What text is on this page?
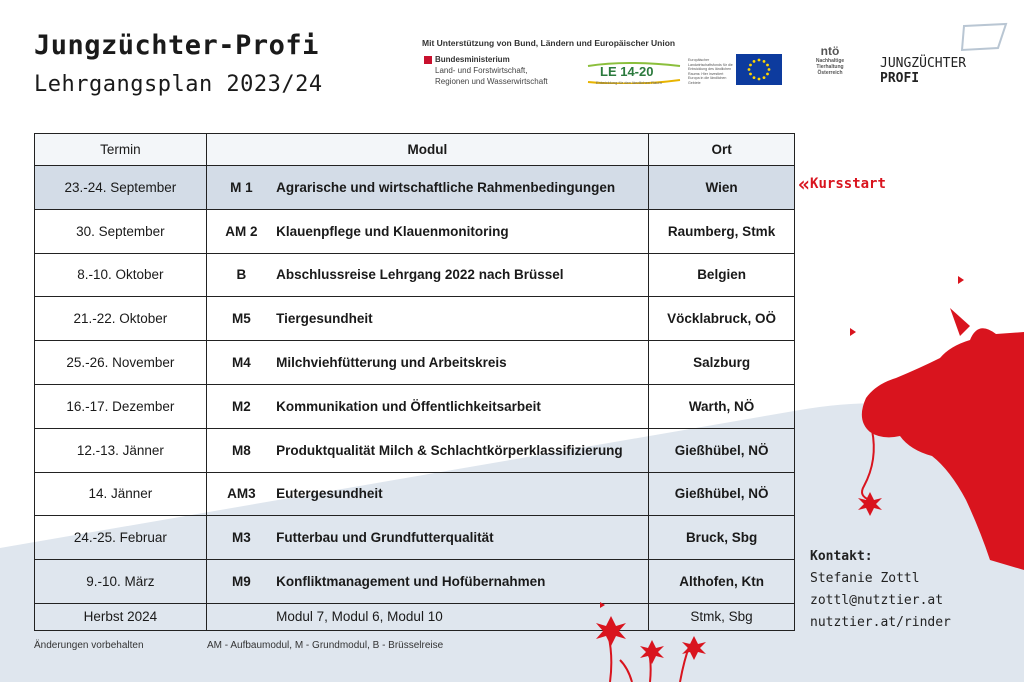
Jungzüchter-Profi
Lehrgangsplan 2023/24
Mit Unterstützung von Bund, Ländern und Europäischer Union
Bundesministerium
Land- und Forstwirtschaft,
Regionen und Wasserwirtschaft
LE 14-20
Entwicklung für den ländlichen Raum
Europäischer Landwirtschaftsfonds für die Entwicklung des ländlichen Raums: Hier investiert Europa in die ländlichen Gebiete
ntö
Nachhaltige
Tierhaltung
Österreich
JUNGZÜCHTER
PROFI
Termin	Modul		Ort
23.-24. September	M 1	Agrarische und wirtschaftliche Rahmenbedingungen	Wien
30. September	AM 2	Klauenpflege und Klauenmonitoring	Raumberg, Stmk
8.-10. Oktober	B	Abschlussreise Lehrgang 2022 nach Brüssel	Belgien
21.-22. Oktober	M5	Tiergesundheit	Vöcklabruck, OÖ
25.-26. November	M4	Milchviehfütterung und Arbeitskreis	Salzburg
16.-17. Dezember	M2	Kommunikation und Öffentlichkeitsarbeit	Warth, NÖ
12.-13. Jänner	M8	Produktqualität Milch & Schlachtkörperklassifizierung	Gießhübel, NÖ
14. Jänner	AM3	Eutergesundheit	Gießhübel, NÖ
24.-25. Februar	M3	Futterbau und Grundfutterqualität	Bruck, Sbg
9.-10. März	M9	Konfliktmanagement und Hofübernahmen	Althofen, Ktn
Herbst 2024		Modul 7, Modul 6, Modul 10	Stmk, Sbg
« Kursstart
Kontakt:
Stefanie Zottl
zottl@nutztier.at
nutztier.at/rinder
Änderungen vorbehalten	AM - Aufbaumodul, M - Grundmodul, B - Brüsselreise
